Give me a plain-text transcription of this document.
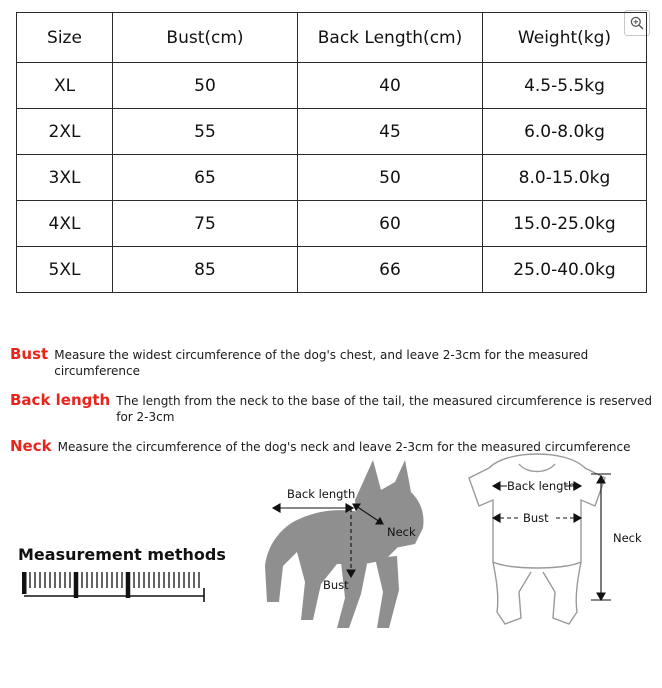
Size	Bust(cm)	Back Length(cm)	Weight(kg)
XL	50	40	4.5-5.5kg
2XL	55	45	6.0-8.0kg
3XL	65	50	8.0-15.0kg
4XL	75	60	15.0-25.0kg
5XL	85	66	25.0-40.0kg
Bust Measure the widest circumference of the dog's chest, and leave 2-3cm for the measured circumference
Back length The length from the neck to the base of the tail, the measured circumference is reserved for 2-3cm
Neck Measure the circumference of the dog's neck and leave 2-3cm for the measured circumference
Measurement methods
Back length
Neck
Bust
Back length
Bust
Neck
